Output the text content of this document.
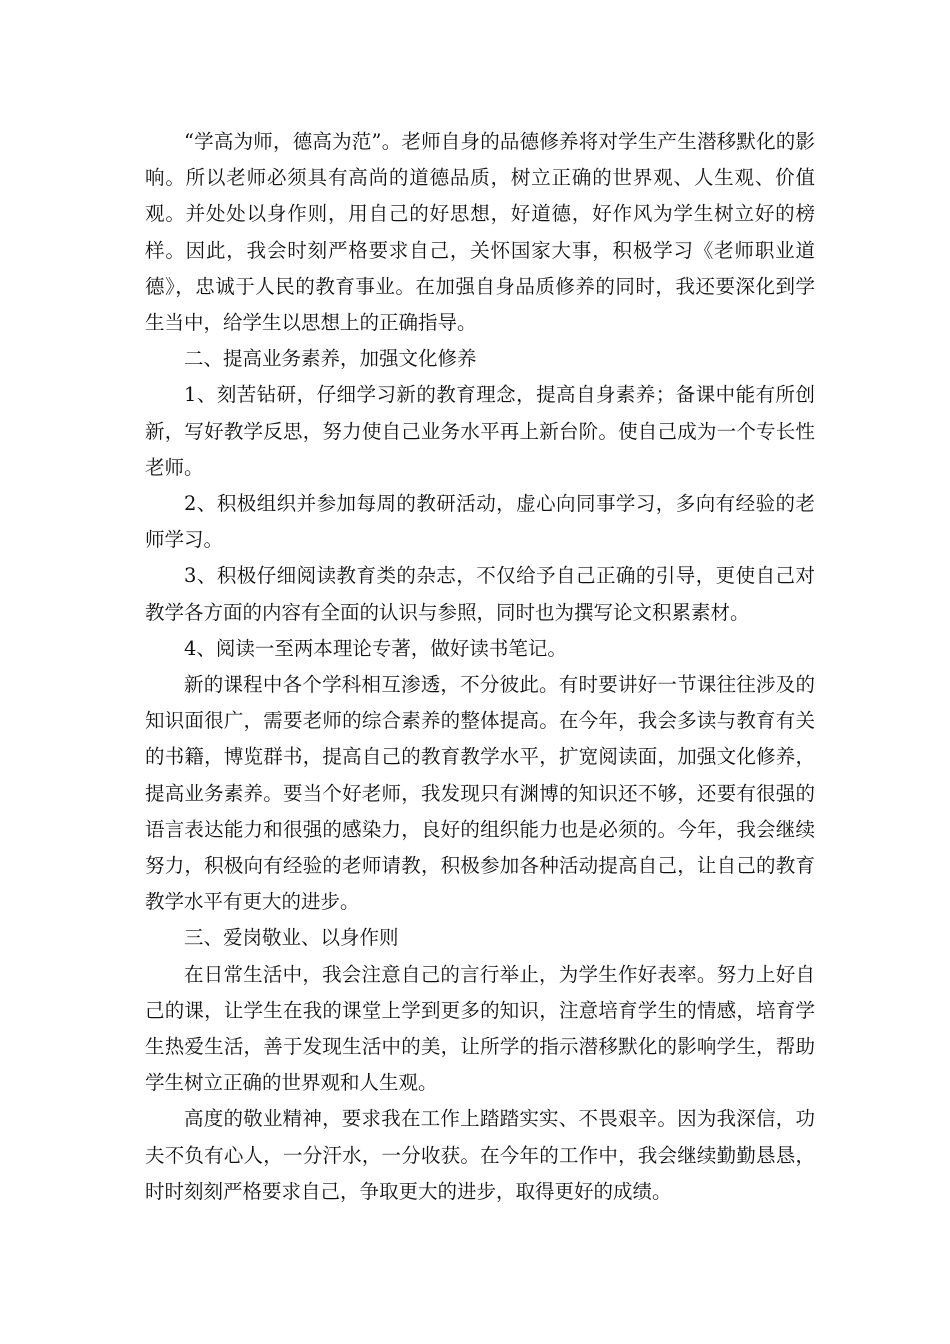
“学高为师，德高为范”。老师自身的品德修养将对学生产生潜移默化的影响。所以老师必须具有高尚的道德品质，树立正确的世界观、人生观、价值观。并处处以身作则，用自己的好思想，好道德，好作风为学生树立好的榜样。因此，我会时刻严格要求自己，关怀国家大事，积极学习《老师职业道德》，忠诚于人民的教育事业。在加强自身品质修养的同时，我还要深化到学生当中，给学生以思想上的正确指导。

二、提高业务素养，加强文化修养

1、刻苦钻研，仔细学习新的教育理念，提高自身素养；备课中能有所创新，写好教学反思，努力使自己业务水平再上新台阶。使自己成为一个专长性老师。

2、积极组织并参加每周的教研活动，虚心向同事学习，多向有经验的老师学习。

3、积极仔细阅读教育类的杂志，不仅给予自己正确的引导，更使自己对教学各方面的内容有全面的认识与参照，同时也为撰写论文积累素材。

4、阅读一至两本理论专著，做好读书笔记。

新的课程中各个学科相互渗透，不分彼此。有时要讲好一节课往往涉及的知识面很广，需要老师的综合素养的整体提高。在今年，我会多读与教育有关的书籍，博览群书，提高自己的教育教学水平，扩宽阅读面，加强文化修养，提高业务素养。要当个好老师，我发现只有渊博的知识还不够，还要有很强的语言表达能力和很强的感染力，良好的组织能力也是必须的。今年，我会继续努力，积极向有经验的老师请教，积极参加各种活动提高自己，让自己的教育教学水平有更大的进步。

三、爱岗敬业、以身作则

在日常生活中，我会注意自己的言行举止，为学生作好表率。努力上好自己的课，让学生在我的课堂上学到更多的知识，注意培育学生的情感，培育学生热爱生活，善于发现生活中的美，让所学的指示潜移默化的影响学生，帮助学生树立正确的世界观和人生观。

高度的敬业精神，要求我在工作上踏踏实实、不畏艰辛。因为我深信，功夫不负有心人，一分汗水，一分收获。在今年的工作中，我会继续勤勤恳恳，时时刻刻严格要求自己，争取更大的进步，取得更好的成绩。
